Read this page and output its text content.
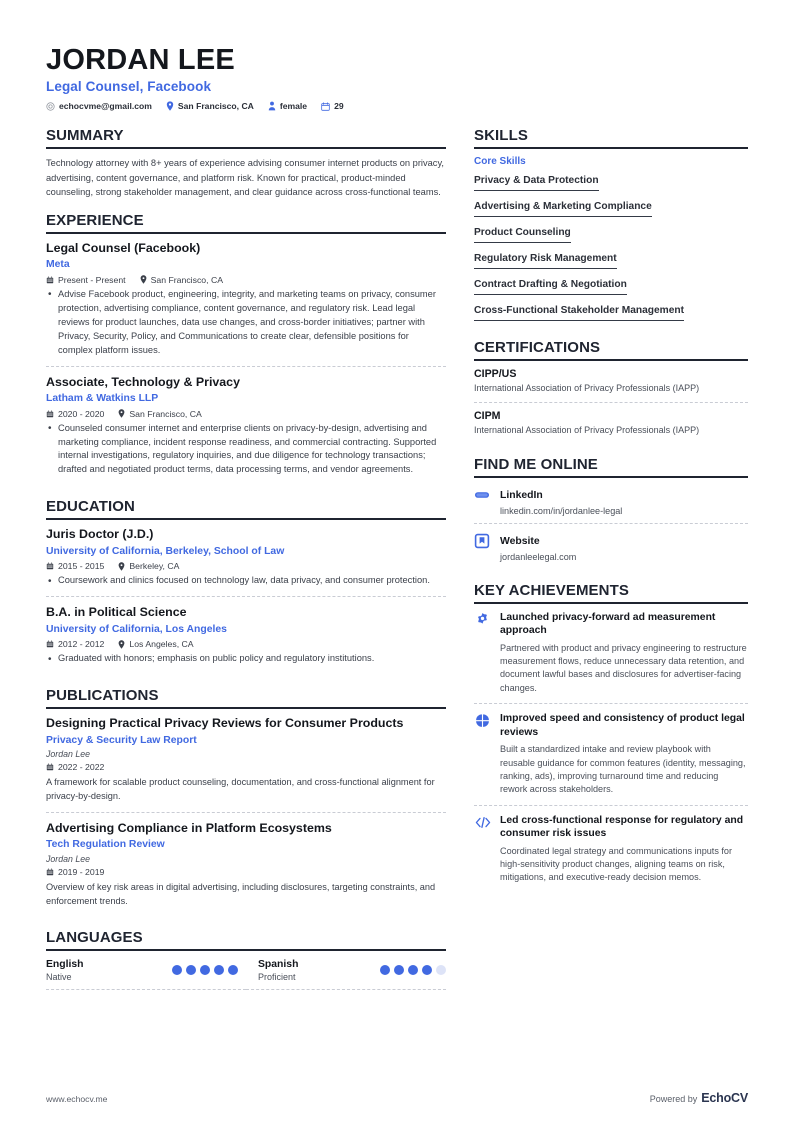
JORDAN LEE
Legal Counsel, Facebook
echocvme@gmail.com	San Francisco, CA	female	29
SUMMARY
Technology attorney with 8+ years of experience advising consumer internet products on privacy, advertising, content governance, and platform risk. Known for practical, product-minded counseling, strong stakeholder management, and clear guidance across cross-functional teams.
EXPERIENCE
Legal Counsel (Facebook)
Meta
Present - Present	San Francisco, CA
• Advise Facebook product, engineering, integrity, and marketing teams on privacy, consumer protection, advertising compliance, content governance, and regulatory risk. Lead legal reviews for product launches, data use changes, and cross-border initiatives; partner with Privacy, Security, Policy, and Communications to create clear, defensible positions for complex platform issues.
Associate, Technology & Privacy
Latham & Watkins LLP
2020 - 2020	San Francisco, CA
• Counseled consumer internet and enterprise clients on privacy-by-design, advertising and marketing compliance, incident response readiness, and commercial contracting. Supported internal investigations, regulatory inquiries, and due diligence for technology transactions; drafted and negotiated product terms, data processing terms, and vendor agreements.
EDUCATION
Juris Doctor (J.D.)
University of California, Berkeley, School of Law
2015 - 2015	Berkeley, CA
• Coursework and clinics focused on technology law, data privacy, and consumer protection.
B.A. in Political Science
University of California, Los Angeles
2012 - 2012	Los Angeles, CA
• Graduated with honors; emphasis on public policy and regulatory institutions.
PUBLICATIONS
Designing Practical Privacy Reviews for Consumer Products
Privacy & Security Law Report
Jordan Lee
2022 - 2022
A framework for scalable product counseling, documentation, and cross-functional alignment for privacy-by-design.
Advertising Compliance in Platform Ecosystems
Tech Regulation Review
Jordan Lee
2019 - 2019
Overview of key risk areas in digital advertising, including disclosures, targeting constraints, and enforcement trends.
LANGUAGES
English
Native
Spanish
Proficient
SKILLS
Core Skills
Privacy & Data Protection
Advertising & Marketing Compliance
Product Counseling
Regulatory Risk Management
Contract Drafting & Negotiation
Cross-Functional Stakeholder Management
CERTIFICATIONS
CIPP/US
International Association of Privacy Professionals (IAPP)
CIPM
International Association of Privacy Professionals (IAPP)
FIND ME ONLINE
LinkedIn
linkedin.com/in/jordanlee-legal
Website
jordanleelegal.com
KEY ACHIEVEMENTS
Launched privacy-forward ad measurement approach
Partnered with product and privacy engineering to restructure measurement flows, reduce unnecessary data retention, and document lawful bases and disclosures for advertiser-facing changes.
Improved speed and consistency of product legal reviews
Built a standardized intake and review playbook with reusable guidance for common features (identity, messaging, ranking, ads), improving turnaround time and reducing rework across stakeholders.
Led cross-functional response for regulatory and consumer risk issues
Coordinated legal strategy and communications inputs for high-sensitivity product changes, aligning teams on risk, mitigations, and executive-ready decision memos.
www.echocv.me	Powered by EchoCV
